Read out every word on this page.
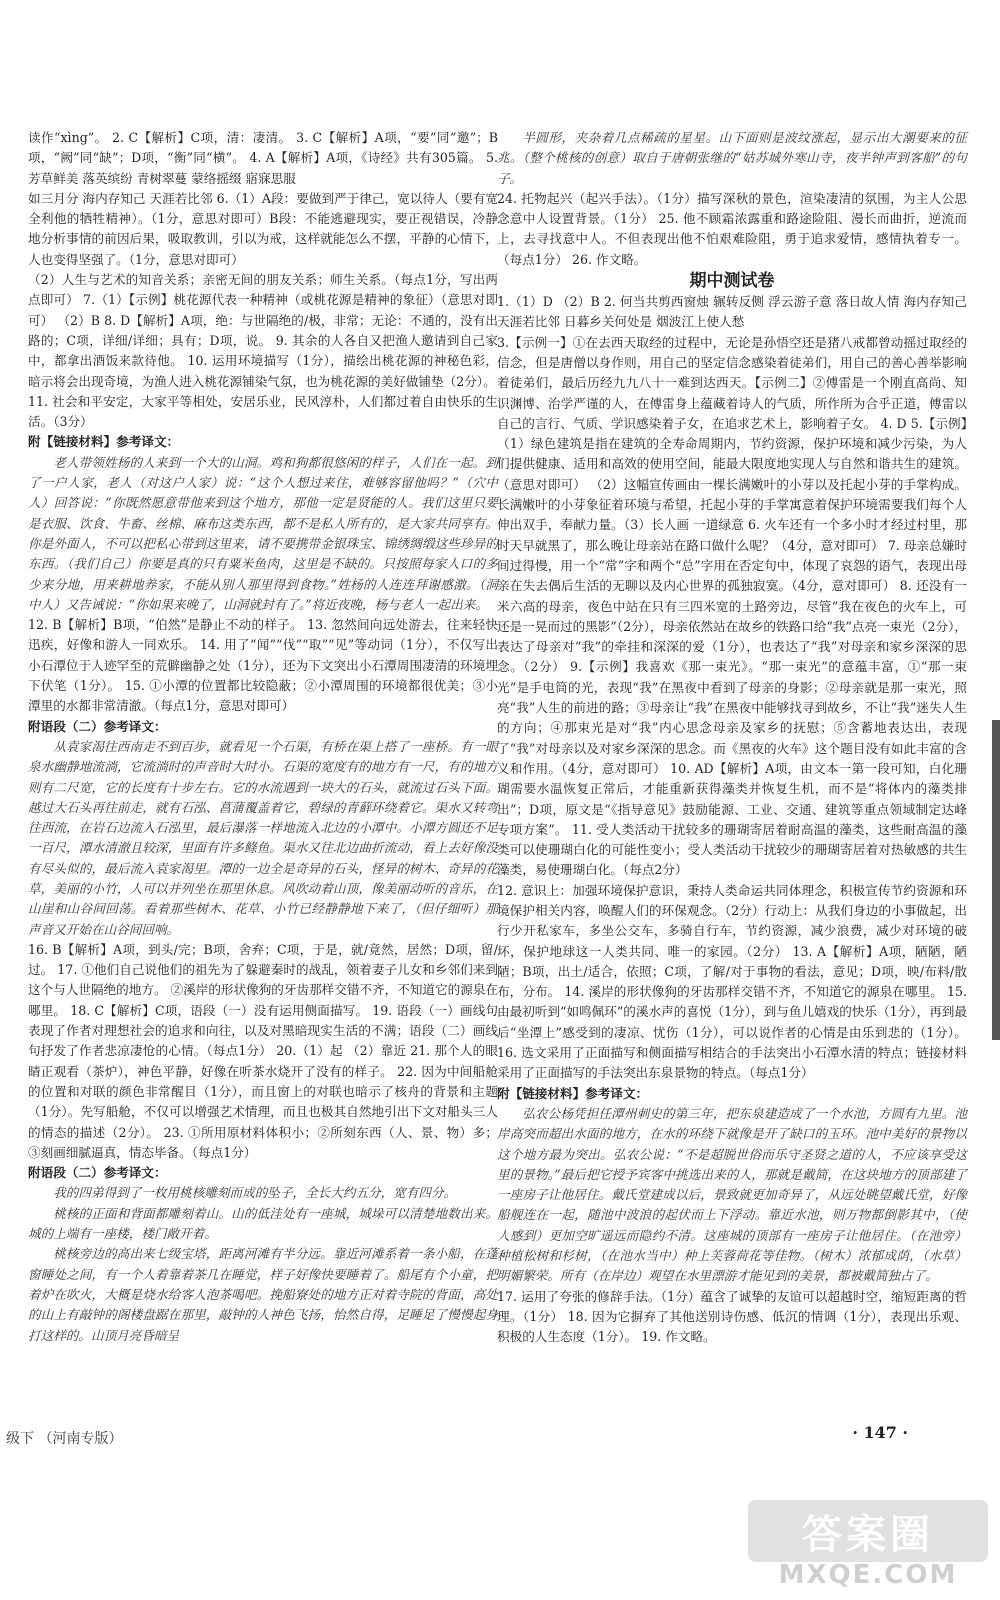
读作“xìng”。 2. C【解析】C项，清：凄清。 3. C【解析】A项，“要”同“邀”；B项，“阙”同“缺”；D项，“衡”同“横”。 4. A【解析】A项，《诗经》共有305篇。 5. 芳草鲜美 落英缤纷 青树翠蔓 蒙络摇缀 寤寐思服

如三月分 海内存知己 天涯若比邻 6.（1）A段：要做到严于律己，宽以待人（要有宽全利他的牺牲精神）。（1分，意思对即可）B段：不能逃避现实，要正视错误，冷静地分析事情的前因后果，吸取教训，引以为戒，这样就能怎么不摆，平静的心情下，人也变得坚强了。（1分，意思对即可）

（2）人生与艺术的知音关系；亲密无间的朋友关系；师生关系。（每点1分，写出两点即可） 7.（1）【示例】桃花源代表一种精神（或桃花源是精神的象征）（意思对即可） （2）B 8. D【解析】A项，绝：与世隔绝的/极，非常；无论：不通的，没有出路的；C项，详细/详细；具有；D项，说。 9. 其余的人各自又把渔人邀请到自己家中，都拿出酒饭来款待他。 10. 运用环境描写（1分），描绘出桃花源的神秘色彩，暗示将会出现奇境，为渔人进入桃花源铺染气氛，也为桃花源的美好做铺垫（2分）。

11. 社会和平安定，大家平等相处，安居乐业，民风淳朴，人们都过着自由快乐的生活。（3分）

附【链接材料】参考译文：

老人带领姓杨的人来到一个大的山洞。鸡和狗都很悠闲的样子，人们在一起。到了一户人家，老人（对这户人家）说：“这个人想过来住，难够容留他吗？”（穴中人）回答说：“你既然愿意带他来到这个地方，那他一定是贤能的人。我们这里只要是衣服、饮食、牛畜、丝棉、麻布这类东西，都不是私人所有的，是大家共同享有。你是外面人，不可以把私心带到这里来，请不要携带金银珠宝、锦绣绸缎这些珍异的东西。（我们自己）你要是真的只有粟米鱼肉，这里是不缺的。只按照每家人口的多少来分地，用来耕地养家，不能从别人那里得到食物。”姓杨的人连连拜谢感激。（洞中人）又告诫说：“你如果来晚了，山洞就封有了。”将近夜晚，杨与老人一起出来。

12. B【解析】B项，“伯然”是静止不动的样子。 13. 忽然间向远处游去，往来轻快迅疾，好像和游人一同欢乐。 14. 用了“闻”“伐”“取”“见”等动词（1分），不仅写出小石潭位于人迹罕至的荒僻幽静之处（1分），还为下文突出小石潭周围凄清的环境埋下伏笔（1分）。 15. ①小潭的位置都比较隐蔽；②小潭周围的环境都很优美；③小潭里的水都非常清澈。（每点1分，意思对即可）

附语段（二）参考译文：

从袁家渴往西南走不到百步，就看见一个石渠，有桥在渠上搭了一座桥。有一眼泉水幽静地流淌，它流淌时的声音时大时小。石渠的宽度有的地方有一尺，有的地方则有二尺宽，它的长度有十步左右。它的水流遇到一块大的石头，就流过石头下面。越过大石头再往前走，就有石泓、菖蒲覆盖着它，碧绿的青藓环绕着它。渠水又转弯往西流，在岩石边流入石泓里，最后瀑落一样地流入北边的小潭中。小潭方圆还不足一百尺，潭水清澈且较深，里面有许多鲦鱼。渠水又往北边曲折流动，看上去好像没有尽头似的，最后流入袁家渴里。潭的一边全是奇异的石头，怪异的树木、奇异的花草，美丽的小竹，人可以并列坐在那里休息。风吹动着山顶，像美丽动听的音乐，在山崖和山谷间回荡。看着那些树木、花草、小竹已经静静地下来了，（但仔细听）那声音又开始在山谷间回响。

16. B【解析】A项，到头/完；B项，舍弃；C项，于是，就/竟然，居然；D项，留/过。 17. ①他们自己说他们的祖先为了躲避秦时的战乱，领着妻子儿女和乡邻们来到这个与人世隔绝的地方。 ②溪岸的形状像狗的牙齿那样交错不齐，不知道它的源泉在哪里。 18. C【解析】C项，语段（一）没有运用侧面描写。 19. 语段（一）画线句表现了作者对理想社会的追求和向往，以及对黑暗现实生活的不满；语段（二）画线句抒发了作者悲凉凄怆的心情。（每点1分） 20.（1）起 （2）靠近 21. 那个人的眼睛正观看（茶炉），神色平静，好像在听茶水烧开了没有的样子。 22. 因为中间船舱的位置和对联的颜色非常醒目（1分），而且窗上的对联也暗示了核舟的背景和主题（1分）。先写船舱，不仅可以增强艺术情理，而且也极其自然地引出下文对船头三人的情态的描述（2分）。 23. ①所用原材料体积小；②所刻东西（人、景、物）多；③刻画细腻逼真，情态毕备。（每点1分）

附语段（二）参考译文：

我的四弟得到了一枚用桃核雕刻而成的坠子，全长大约五分，宽有四分。

桃核的正面和背面都雕刻着山。山的低洼处有一座城，城垛可以清楚地数出来。城的上端有一座楼，楼门敞开着。

桃核旁边的高出来七级宝塔，距离河滩有半分远。靠近河滩系着一条小船，在蓬窗睡处之间，有一个人着靠着茶几在睡觉，样子好像快要睡着了。船尾有个小童，把着炉在吹火，大概是烧水给客人泡茶喝吧。挽船寮处的地方正对着寺院的背面，高处的山上有敲钟的阁楼盘踞在那里，敲钟的人神色飞扬，怡然自得，足睡足了慢慢起身打这样的。山顶月亮昏暗呈

半圆形，夹杂着几点稀疏的星星。山下面则是波纹涨起，显示出大潮要来的征兆。（整个桃核的创意）取自于唐朝张继的“姑苏城外寒山寺，夜半钟声到客船”的句子。

24. 托物起兴（起兴手法）。（1分）描写深秋的景色，渲染凄清的氛围，为主人公思念意中人设置背景。（1分） 25. 他不顾霜浓露重和路途险阻、漫长而曲折，逆流而上，去寻找意中人。不但表现出他不怕艰难险阻，勇于追求爱情，感情执着专一。（每点1分） 26. 作文略。

期中测试卷

1.（1）D （2）B 2. 何当共剪西窗烛 辗转反侧 浮云游子意 落日故人情 海内存知己 天涯若比邻 日暮乡关何处是 烟波江上使人愁

3.【示例一】①在去西天取经的过程中，无论是孙悟空还是猪八戒都曾动摇过取经的信念，但是唐僧以身作则，用自己的坚定信念感染着徒弟们，用自己的善心善举影响着徒弟们，最后历经九九八十一难到达西天。【示例二】②傅雷是一个刚直高尚、知识渊博、治学严谨的人，在傅雷身上蕴藏着诗人的气质，所作所为合乎正道，傅雷以自己的言行、气质、学识感染着子女，在追求艺术上，影响着子女。 4. D 5.【示例】（1）绿色建筑是指在建筑的全寿命周期内，节约资源，保护环境和减少污染，为人们提供健康、适用和高效的使用空间，能最大限度地实现人与自然和谐共生的建筑。（意思对即可） （2）这幅宣传画由一棵长满嫩叶的小芽以及托起小芽的手掌构成。长满嫩叶的小芽象征着环境与希望，托起小芽的手掌寓意着保护环境需要我们每个人伸出双手，奉献力量。（3）长人画 一道绿意 6. 火车还有一个多小时才经过村里，那时天早就黑了，那么晚让母亲站在路口做什么呢？（4分，意对即可） 7. 母亲总嫌时间过得慢，用一个“常”字和两个“总”字用在否定句中，体现了哀怨的语气，表现出母亲在失去偶后生活的无聊以及内心世界的孤独寂寞。（4分，意对即可） 8. 还没有一米六高的母亲，夜色中站在只有三四米宽的土路旁边，尽管“我在夜色的火车上，可还是一晃而过的黑影”（2分），母亲依然站在故乡的铁路口给“我”点亮一束光（2分），表达了母亲对“我”的牵挂和深深的爱（1分），也表达了“我”对母亲和家乡深深的思念。（2分） 9.【示例】我喜欢《那一束光》。“那一束光”的意蕴丰富，①“那一束光”是手电筒的光，表现“我”在黑夜中看到了母亲的身影；②母亲就是那一束光，照亮“我”人生的前进的路；③母亲让“我”在黑夜中能够找寻到故乡，不让“我”迷失人生的方向；④那束光是对“我”内心思念母亲及家乡的抚慰；⑤含蓄地表达出，表现了“我”对母亲以及对家乡深深的思念。而《黑夜的火车》这个题目没有如此丰富的含义和作用。（4分，意对即可） 10. AD【解析】A项，由文本一第一段可知，白化珊瑚需要水温恢复正常后，才能重新获得藻类并恢复生机，而不是“将体内的藻类排出”；D项，原文是“《指导意见》鼓励能源、工业、交通、建筑等重点领域制定达峰专项方案”。 11. 受人类活动干扰较多的珊瑚寄居着耐高温的藻类，这些耐高温的藻类可以使珊瑚白化的可能性变小；受人类活动干扰较少的珊瑚寄居着对热敏感的共生藻类，易使珊瑚白化。（每点2分）

12. 意识上：加强环境保护意识，秉持人类命运共同体理念，积极宣传节约资源和环境保护相关内容，唤醒人们的环保观念。（2分）行动上：从我们身边的小事做起，出行少开私家车，多坐公交车，多骑自行车，节约资源，减少浪费，减少对环境的破坏，保护地球这一人类共同、唯一的家园。（2分） 13. A【解析】A项，陋陋，陋陋；B项，出土/适合，依照；C项，了解/对于事物的看法，意见；D项，映/布料/散布，分布。 14. 溪岸的形状像狗的牙齿那样交错不齐，不知道它的源泉在哪里。 15. 由最初听到“如鸣佩环”的溪水声的喜悦（1分），到与鱼儿嬉戏的快乐（1分），再到最后“坐潭上”感受到的凄凉、忧伤（1分），可以说作者的心情是由乐到悲的（1分）。 16. 选文采用了正面描写和侧面描写相结合的手法突出小石潭水清的特点；链接材料采用了正面描写的手法突出东泉景物的特点。（每点1分）

附【链接材料】参考译文：

弘农公杨凭担任潭州刺史的第三年，把东泉建造成了一个水池，方圆有九里。池岸高突而超出水面的地方，在水的环绕下就像是开了缺口的玉环。池中美好的景物以这个地方最为突出。弘农公说：“不是超脱世俗而乐守圣贤之道的人，不应该享受这里的景物。”最后把它授予宾客中挑选出来的人，那就是戴简，在这块地方的顶部建了一座房子让他居住。戴氏堂建成以后，景致就更加奇异了，从远处眺望戴氏堂，好像船舰连在一起，随池中波浪的起伏而上下浮动。靠近水池，则万物都倒影其中，（使人感到）更加空旷遥远而隐约不清。这座城的顶部有一座房子让他居住。（在池旁）种植松树和杉树，（在池水当中）种上芙蓉荷花等佳物。（树木）浓郁成荫，（水草）明媚繁荣。所有（在岸边）观望在水里漂游才能见到的美景，都被戴简独占了。

17. 运用了夸张的修辞手法。（1分）蕴含了诚挚的友谊可以超越时空，缩短距离的哲理。（1分） 18. 因为它摒弃了其他送别诗伤感、低沉的情调（1分），表现出乐观、积极的人生态度（1分）。 19. 作文略。

级下 （河南专版）	· 147 ·
答案圈
MXQE.COM
